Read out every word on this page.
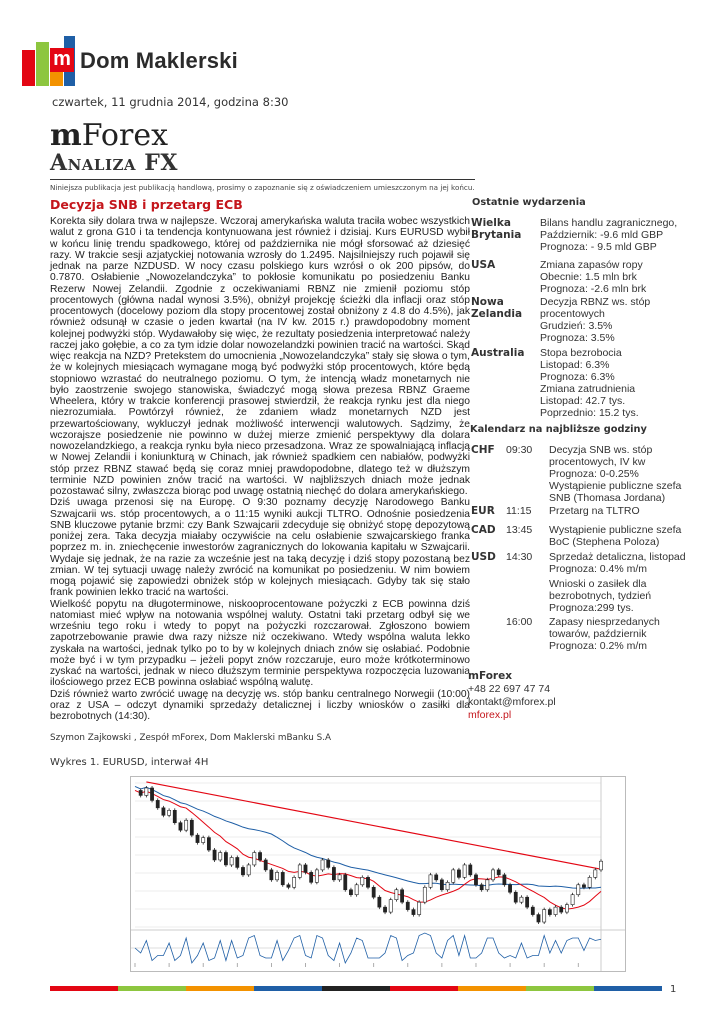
m Dom Maklerski
czwartek, 11 grudnia 2014, godzina 8:30
mForex
Analiza FX
Niniejsza publikacja jest publikacją handlową, prosimy o zapoznanie się z oświadczeniem umieszczonym na jej końcu.
Decyzja SNB i przetarg ECB

Korekta siły dolara trwa w najlepsze. Wczoraj amerykańska waluta traciła wobec wszystkich walut z grona G10 i ta tendencja kontynuowana jest również i dzisiaj. Kurs EURUSD wybił w końcu linię trendu spadkowego, której od października nie mógł sforsować aż dziesięć razy. W trakcie sesji azjatyckiej notowania wzrosły do 1.2495. Najsilniejszy ruch pojawił się jednak na parze NZDUSD. W nocy czasu polskiego kurs wzrósł o ok 200 pipsów, do 0.7870. Osłabienie „Nowozelandczyka” to pokłosie komunikatu po posiedzeniu Banku Rezerw Nowej Zelandii. Zgodnie z oczekiwaniami RBNZ nie zmienił poziomu stóp procentowych (główna nadal wynosi 3.5%), obniżył projekcję ścieżki dla inflacji oraz stóp procentowych (docelowy poziom dla stopy procentowej został obniżony z 4.8 do 4.5%), jak również odsunął w czasie o jeden kwartał (na IV kw. 2015 r.) prawdopodobny moment kolejnej podwyżki stóp. Wydawałoby się więc, że rezultaty posiedzenia interpretować należy raczej jako gołębie, a co za tym idzie dolar nowozelandzki powinien tracić na wartości. Skąd więc reakcja na NZD? Pretekstem do umocnienia „Nowozelandczyka” stały się słowa o tym, że w kolejnych miesiącach wymagane mogą być podwyżki stóp procentowych, które będą stopniowo wzrastać do neutralnego poziomu. O tym, że intencją władz monetarnych nie było zaostrzenie swojego stanowiska, świadczyć mogą słowa prezesa RBNZ Graeme Wheelera, który w trakcie konferencji prasowej stwierdził, że reakcja rynku jest dla niego niezrozumiała. Powtórzył również, że zdaniem władz monetarnych NZD jest przewartościowany, wykluczył jednak możliwość interwencji walutowych. Sądzimy, że wczorajsze posiedzenie nie powinno w dużej mierze zmienić perspektywy dla dolara nowozelandzkiego, a reakcja rynku była nieco przesadzona. Wraz ze spowalniającą inflacją w Nowej Zelandii i koniunkturą w Chinach, jak również spadkiem cen nabiałów, podwyżki stóp przez RBNZ stawać będą się coraz mniej prawdopodobne, dlatego też w dłuższym terminie NZD powinien znów tracić na wartości. W najbliższych dniach może jednak pozostawać silny, zwłaszcza biorąc pod uwagę ostatnią niechęć do dolara amerykańskiego.

Dziś uwaga przenosi się na Europę. O 9:30 poznamy decyzję Narodowego Banku Szwajcarii ws. stóp procentowych, a o 11:15 wyniki aukcji TLTRO. Odnośnie posiedzenia SNB kluczowe pytanie brzmi: czy Bank Szwajcarii zdecyduje się obniżyć stopę depozytową poniżej zera. Taka decyzja miałaby oczywiście na celu osłabienie szwajcarskiego franka poprzez m. in. zniechęcenie inwestorów zagranicznych do lokowania kapitału w Szwajcarii. Wydaje się jednak, że na razie za wcześnie jest na taką decyzję i dziś stopy pozostaną bez zmian. W tej sytuacji uwagę należy zwrócić na komunikat po posiedzeniu. W nim bowiem mogą pojawić się zapowiedzi obniżek stóp w kolejnych miesiącach. Gdyby tak się stało frank powinien lekko tracić na wartości.

Wielkość popytu na długoterminowe, niskooprocentowane pożyczki z ECB powinna dziś natomiast mieć wpływ na notowania wspólnej waluty. Ostatni taki przetarg odbył się we wrześniu tego roku i wtedy to popyt na pożyczki rozczarował. Zgłoszono bowiem zapotrzebowanie prawie dwa razy niższe niż oczekiwano. Wtedy wspólna waluta lekko zyskała na wartości, jednak tylko po to by w kolejnych dniach znów się osłabiać. Podobnie może być i w tym przypadku – jeżeli popyt znów rozczaruje, euro może krótkoterminowo zyskać na wartości, jednak w nieco dłuższym terminie perspektywa rozpoczęcia luzowania ilościowego przez ECB powinna osłabiać wspólną walutę.

Dziś również warto zwrócić uwagę na decyzję ws. stóp banku centralnego Norwegii (10:00) oraz z USA – odczyt dynamiki sprzedaży detalicznej i liczby wniosków o zasiłki dla bezrobotnych (14:30).

Szymon Zajkowski , Zespół mForex, Dom Maklerski mBanku S.A
Wykres 1. EURUSD, interwał 4H
Ostatnie wydarzenia
Wielka Brytania
Bilans handlu zagranicznego,
Październik: -9.6 mld GBP
Prognoza: - 9.5 mld GBP
USA	Zmiana zapasów ropy
Obecnie: 1.5 mln brk
Prognoza: -2.6 mln brk
Nowa Zelandia
Decyzja RBNZ ws. stóp
procentowych
Grudzień: 3.5%
Prognoza: 3.5%
Australia Stopa bezrobocia
Listopad: 6.3%
Prognoza: 6.3%
Zmiana zatrudnienia
Listopad: 42.7 tys.
Poprzednio: 15.2 tys.
Kalendarz na najbliższe godziny
CHF 09:30 Decyzja SNB ws. stóp
procentowych, IV kw
Prognoza: 0-0.25%
Wystąpienie publiczne szefa
SNB (Thomasa Jordana)
EUR 11:15 Przetarg na TLTRO
CAD 13:45 Wystąpienie publiczne szefa
BoC (Stephena Poloza)
USD 14:30 Sprzedaż detaliczna, listopad
Prognoza: 0.4% m/m
Wnioski o zasiłek dla
bezrobotnych, tydzień
Prognoza:299 tys.
16:00 Zapasy niesprzedanych
towarów, październik
Prognoza: 0.2% m/m
mForex
+48 22 697 47 74
kontakt@mforex.pl
mforex.pl
1
